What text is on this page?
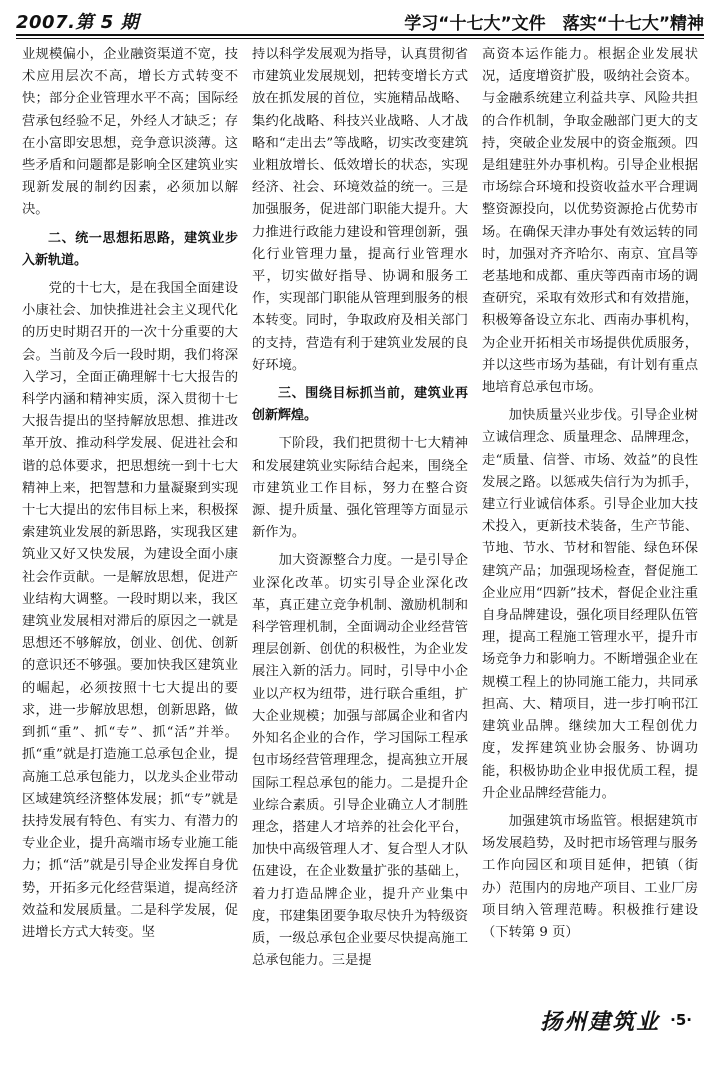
2007.第 5 期	学习“十七大”文件　落实“十七大”精神

业规模偏小，企业融资渠道不宽，技术应用层次不高，增长方式转变不快；部分企业管理水平不高；国际经营承包经验不足，外经人才缺乏；存在小富即安思想，竞争意识淡薄。这些矛盾和问题都是影响全区建筑业实现新发展的制约因素，必须加以解决。

二、统一思想拓思路，建筑业步入新轨道。

党的十七大，是在我国全面建设小康社会、加快推进社会主义现代化的历史时期召开的一次十分重要的大会。当前及今后一段时期，我们将深入学习，全面正确理解十七大报告的科学内涵和精神实质，深入贯彻十七大报告提出的坚持解放思想、推进改革开放、推动科学发展、促进社会和谐的总体要求，把思想统一到十七大精神上来，把智慧和力量凝聚到实现十七大提出的宏伟目标上来，积极探索建筑业发展的新思路，实现我区建筑业又好又快发展，为建设全面小康社会作贡献。一是解放思想，促进产业结构大调整。一段时期以来，我区建筑业发展相对滞后的原因之一就是思想还不够解放，创业、创优、创新的意识还不够强。要加快我区建筑业的崛起，必须按照十七大提出的要求，进一步解放思想，创新思路，做到抓“重”、抓“专”、抓“活”并举。抓“重”就是打造施工总承包企业，提高施工总承包能力，以龙头企业带动区域建筑经济整体发展；抓“专”就是扶持发展有特色、有实力、有潜力的专业企业，提升高端市场专业施工能力；抓“活”就是引导企业发挥自身优势，开拓多元化经营渠道，提高经济效益和发展质量。二是科学发展，促进增长方式大转变。坚

持以科学发展观为指导，认真贯彻省市建筑业发展规划，把转变增长方式放在抓发展的首位，实施精品战略、集约化战略、科技兴业战略、人才战略和“走出去”等战略，切实改变建筑业粗放增长、低效增长的状态，实现经济、社会、环境效益的统一。三是加强服务，促进部门职能大提升。大力推进行政能力建设和管理创新，强化行业管理力量，提高行业管理水平，切实做好指导、协调和服务工作，实现部门职能从管理到服务的根本转变。同时，争取政府及相关部门的支持，营造有利于建筑业发展的良好环境。

三、围绕目标抓当前，建筑业再创新辉煌。

下阶段，我们把贯彻十七大精神和发展建筑业实际结合起来，围绕全市建筑业工作目标，努力在整合资源、提升质量、强化管理等方面显示新作为。

加大资源整合力度。一是引导企业深化改革。切实引导企业深化改革，真正建立竞争机制、激励机制和科学管理机制，全面调动企业经营管理层创新、创优的积极性，为企业发展注入新的活力。同时，引导中小企业以产权为纽带，进行联合重组，扩大企业规模；加强与部属企业和省内外知名企业的合作，学习国际工程承包市场经营管理理念，提高独立开展国际工程总承包的能力。二是提升企业综合素质。引导企业确立人才制胜理念，搭建人才培养的社会化平台，加快中高级管理人才、复合型人才队伍建设，在企业数量扩张的基础上，着力打造品牌企业，提升产业集中度，邗建集团要争取尽快升为特级资质，一级总承包企业要尽快提高施工总承包能力。三是提

高资本运作能力。根据企业发展状况，适度增资扩股，吸纳社会资本。与金融系统建立利益共享、风险共担的合作机制，争取金融部门更大的支持，突破企业发展中的资金瓶颈。四是组建驻外办事机构。引导企业根据市场综合环境和投资收益水平合理调整资源投向，以优势资源抢占优势市场。在确保天津办事处有效运转的同时，加强对齐齐哈尔、南京、宜昌等老基地和成都、重庆等西南市场的调查研究，采取有效形式和有效措施，积极筹备设立东北、西南办事机构，为企业开拓相关市场提供优质服务，并以这些市场为基础，有计划有重点地培育总承包市场。

加快质量兴业步伐。引导企业树立诚信理念、质量理念、品牌理念，走“质量、信誉、市场、效益”的良性发展之路。以惩戒失信行为为抓手，建立行业诚信体系。引导企业加大技术投入，更新技术装备，生产节能、节地、节水、节材和智能、绿色环保建筑产品；加强现场检查，督促施工企业应用“四新”技术，督促企业注重自身品牌建设，强化项目经理队伍管理，提高工程施工管理水平，提升市场竞争力和影响力。不断增强企业在规模工程上的协同施工能力，共同承担高、大、精项目，进一步打响邗江建筑业品牌。继续加大工程创优力度，发挥建筑业协会服务、协调功能，积极协助企业申报优质工程，提升企业品牌经营能力。

加强建筑市场监管。根据建筑市场发展趋势，及时把市场管理与服务工作向园区和项目延伸，把镇（街办）范围内的房地产项目、工业厂房项目纳入管理范畴。积极推行建设（下转第 9 页）

扬州建筑业 ·5·
